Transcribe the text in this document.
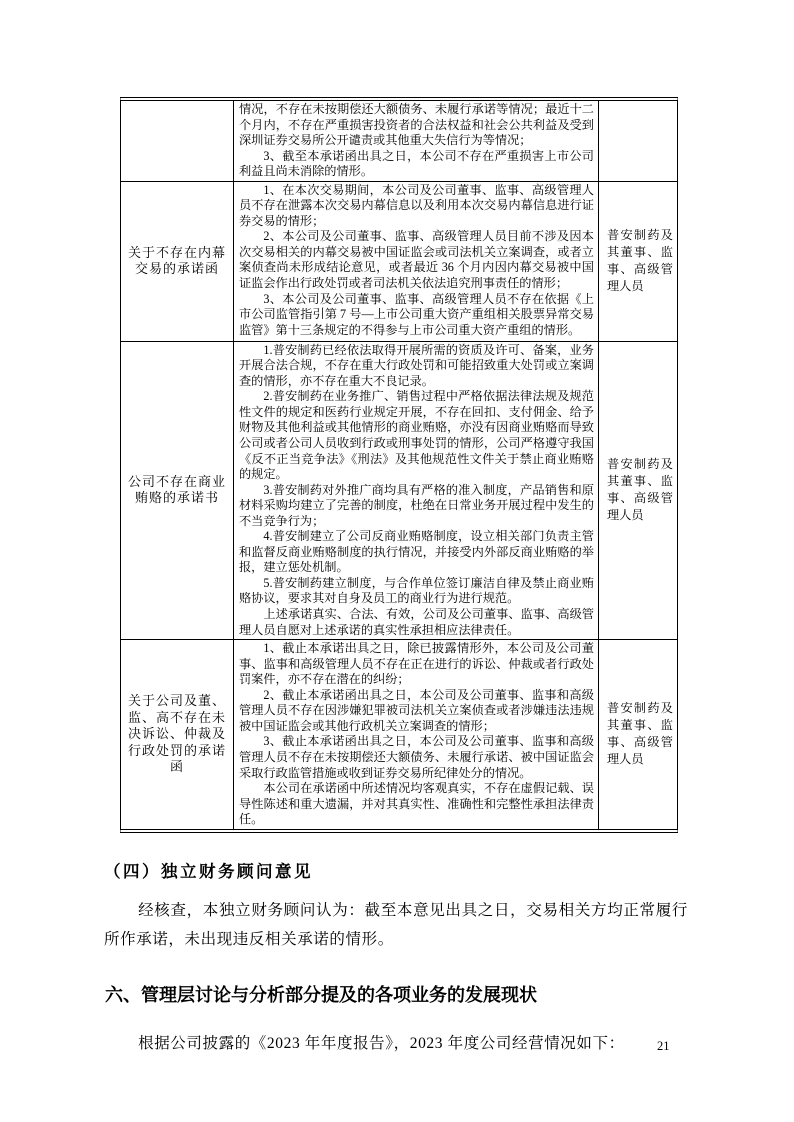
情况，不存在未按期偿还大额债务、未履行承诺等情况；最近十二个月内，不存在严重损害投资者的合法权益和社会公共利益及受到深圳证券交易所公开谴责或其他重大失信行为等情况；

3、截至本承诺函出具之日，本公司不存在严重损害上市公司利益且尚未消除的情形。

关于不存在内幕交易的承诺函

1、在本次交易期间，本公司及公司董事、监事、高级管理人员不存在泄露本次交易内幕信息以及利用本次交易内幕信息进行证券交易的情形；

2、本公司及公司董事、监事、高级管理人员目前不涉及因本次交易相关的内幕交易被中国证监会或司法机关立案调查，或者立案侦查尚未形成结论意见，或者最近 36 个月内因内幕交易被中国证监会作出行政处罚或者司法机关依法追究刑事责任的情形；

3、本公司及公司董事、监事、高级管理人员不存在依据《上市公司监管指引第 7 号—上市公司重大资产重组相关股票异常交易监管》第十三条规定的不得参与上市公司重大资产重组的情形。

普安制药及其董事、监事、高级管理人员
公司不存在商业贿赂的承诺书

1.普安制药已经依法取得开展所需的资质及许可、备案，业务开展合法合规，不存在重大行政处罚和可能招致重大处罚或立案调查的情形，亦不存在重大不良记录。

2.普安制药在业务推广、销售过程中严格依据法律法规及规范性文件的规定和医药行业规定开展，不存在回扣、支付佣金、给予财物及其他利益或其他情形的商业贿赂，亦没有因商业贿赂而导致公司或者公司人员收到行政或刑事处罚的情形，公司严格遵守我国《反不正当竞争法》《刑法》及其他规范性文件关于禁止商业贿赂的规定。

3.普安制药对外推广商均具有严格的准入制度，产品销售和原材料采购均建立了完善的制度，杜绝在日常业务开展过程中发生的不当竞争行为；

4.普安制建立了公司反商业贿赂制度，设立相关部门负责主管和监督反商业贿赂制度的执行情况，并接受内外部反商业贿赂的举报，建立惩处机制。

5.普安制药建立制度，与合作单位签订廉洁自律及禁止商业贿赂协议，要求其对自身及员工的商业行为进行规范。

上述承诺真实、合法、有效，公司及公司董事、监事、高级管理人员自愿对上述承诺的真实性承担相应法律责任。

普安制药及其董事、监事、高级管理人员
关于公司及董、监、高不存在未决诉讼、仲裁及行政处罚的承诺函

1、截止本承诺出具之日，除已披露情形外，本公司及公司董事、监事和高级管理人员不存在正在进行的诉讼、仲裁或者行政处罚案件，亦不存在潜在的纠纷；

2、截止本承诺函出具之日，本公司及公司董事、监事和高级管理人员不存在因涉嫌犯罪被司法机关立案侦查或者涉嫌违法违规被中国证监会或其他行政机关立案调查的情形；

3、截止本承诺函出具之日，本公司及公司董事、监事和高级管理人员不存在未按期偿还大额债务、未履行承诺、被中国证监会采取行政监管措施或收到证券交易所纪律处分的情况。

本公司在承诺函中所述情况均客观真实，不存在虚假记载、误导性陈述和重大遗漏，并对其真实性、准确性和完整性承担法律责任。

普安制药及其董事、监事、高级管理人员
（四）独立财务顾问意见

经核查，本独立财务顾问认为：截至本意见出具之日，交易相关方均正常履行所作承诺，未出现违反相关承诺的情形。

六、管理层讨论与分析部分提及的各项业务的发展现状

根据公司披露的《2023 年年度报告》，2023 年度公司经营情况如下：	21
